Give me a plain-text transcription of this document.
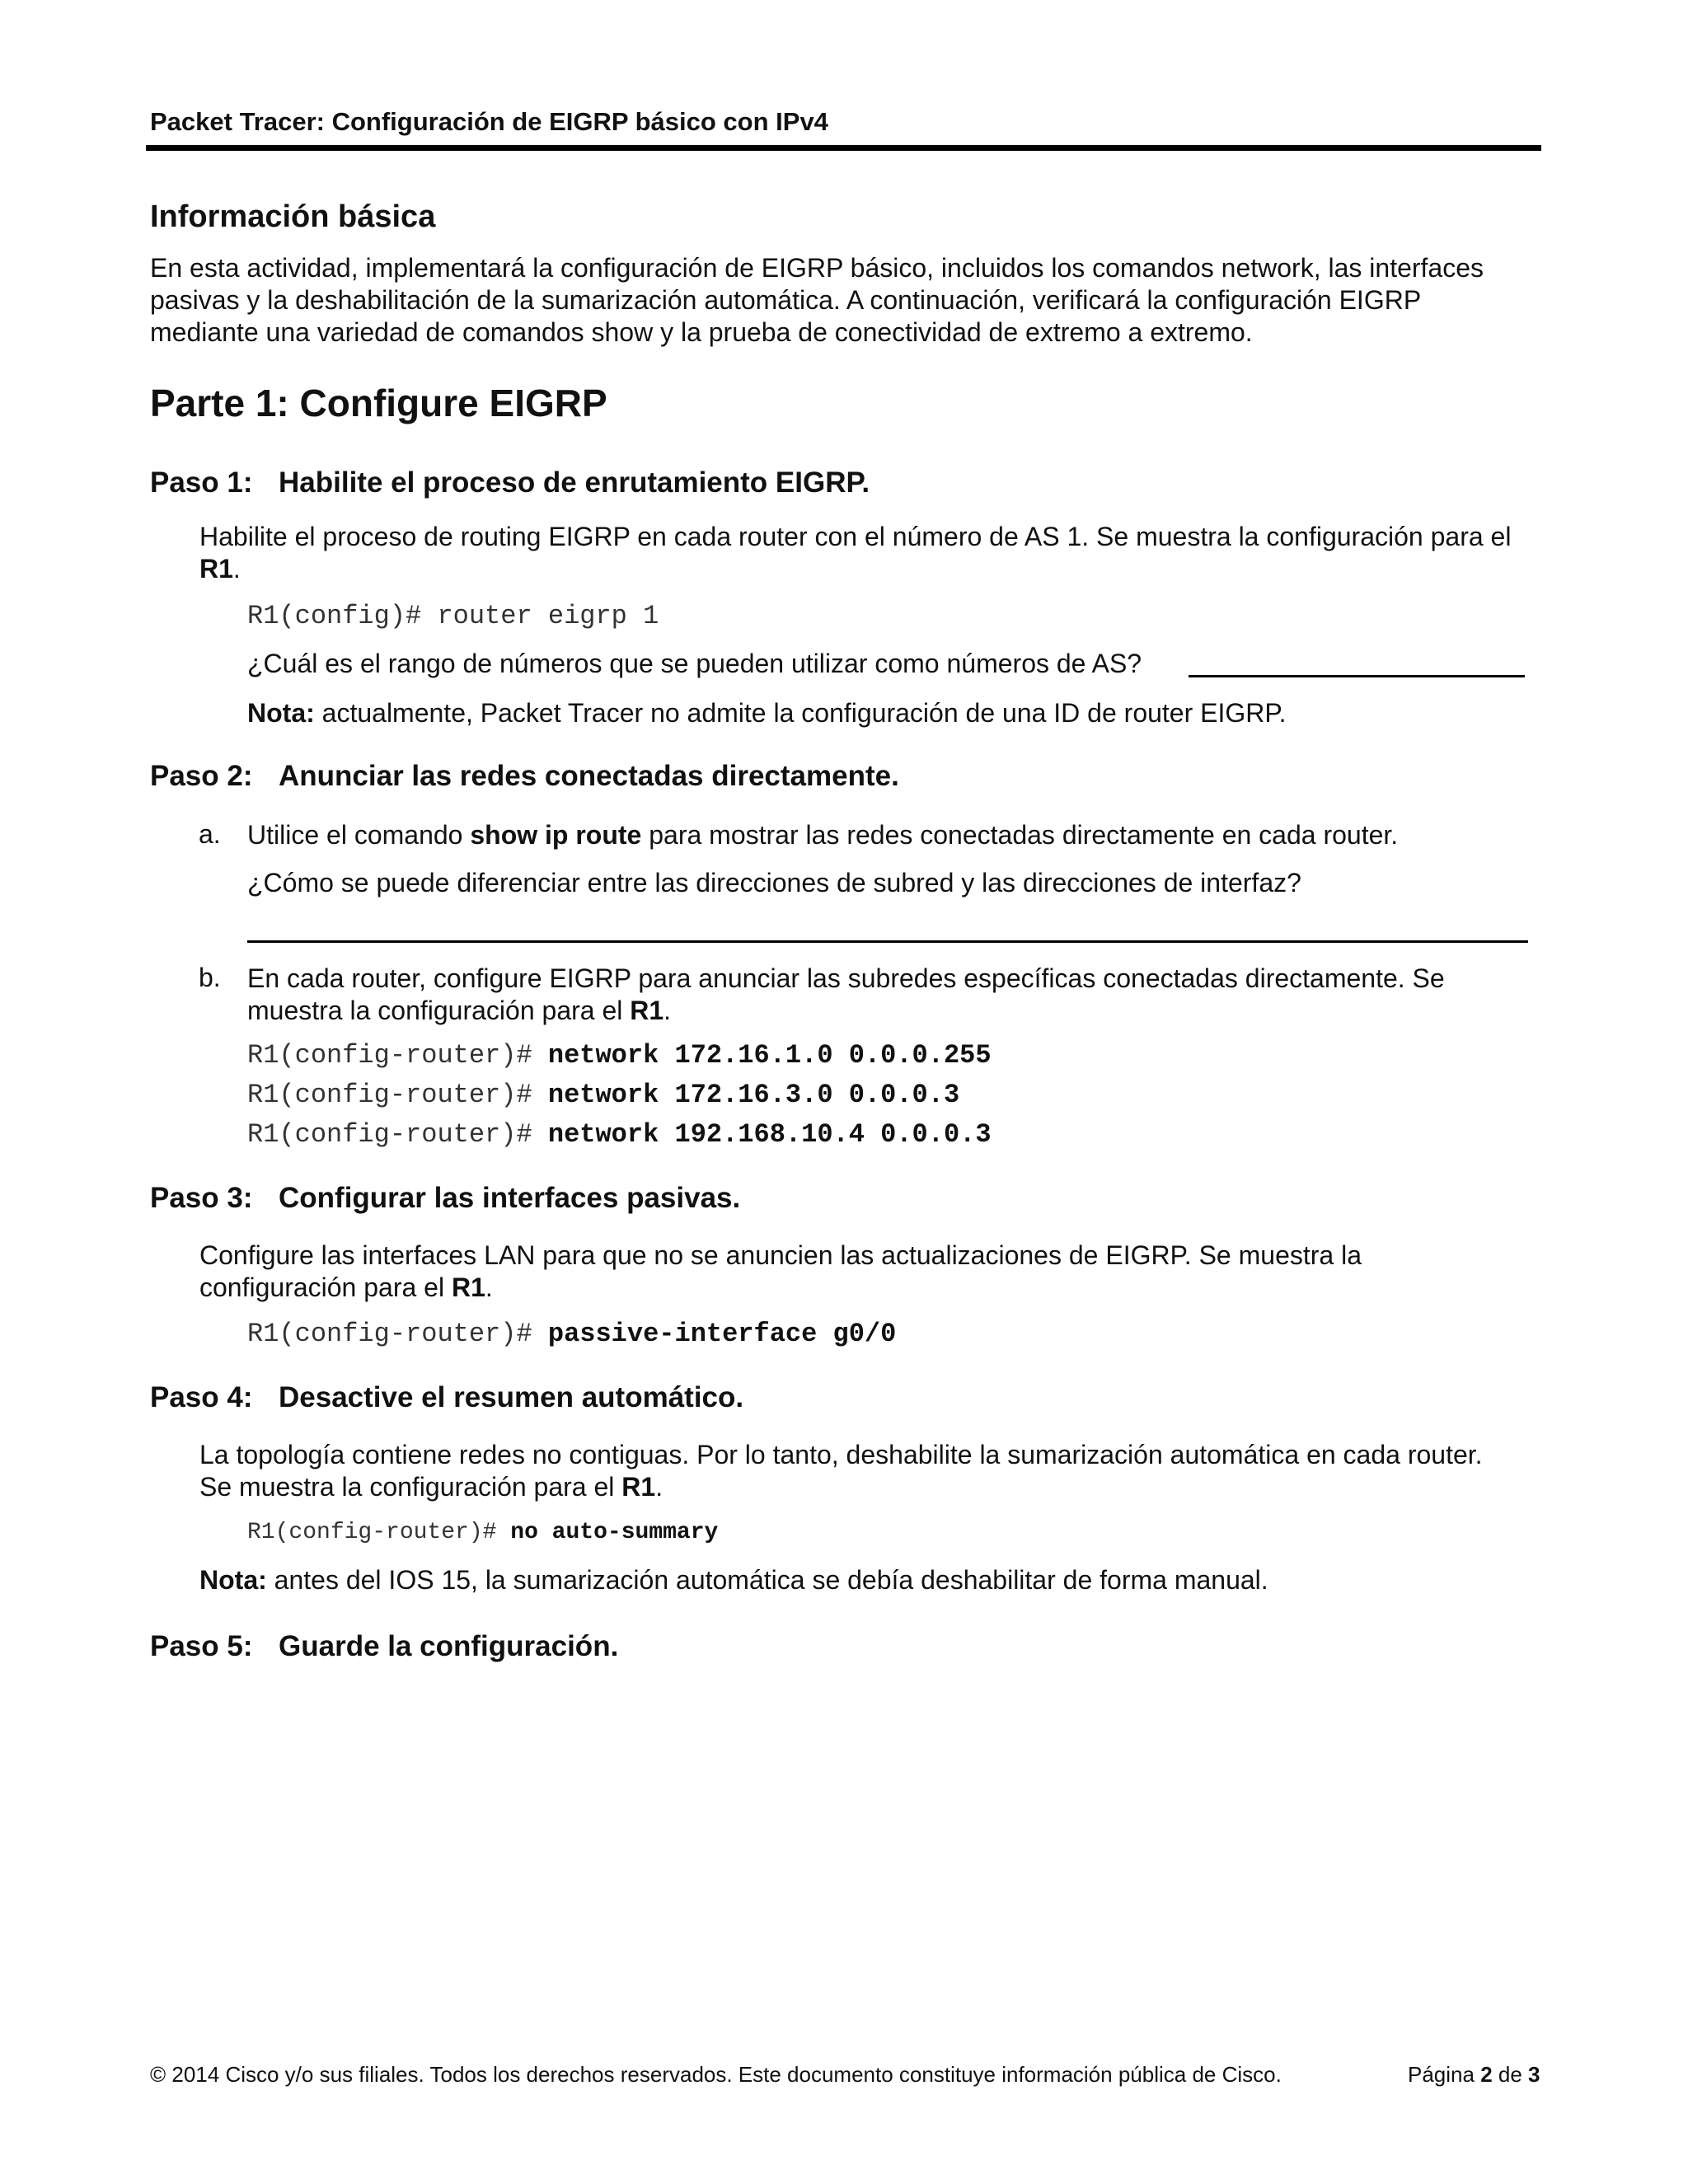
Packet Tracer: Configuración de EIGRP básico con IPv4
Información básica
En esta actividad, implementará la configuración de EIGRP básico, incluidos los comandos network, las interfaces pasivas y la deshabilitación de la sumarización automática. A continuación, verificará la configuración EIGRP mediante una variedad de comandos show y la prueba de conectividad de extremo a extremo.
Parte 1: Configure EIGRP
Paso 1: Habilite el proceso de enrutamiento EIGRP.
Habilite el proceso de routing EIGRP en cada router con el número de AS 1. Se muestra la configuración para el R1.
R1(config)# router eigrp 1
¿Cuál es el rango de números que se pueden utilizar como números de AS?
Nota: actualmente, Packet Tracer no admite la configuración de una ID de router EIGRP.
Paso 2: Anunciar las redes conectadas directamente.
a. Utilice el comando show ip route para mostrar las redes conectadas directamente en cada router.
¿Cómo se puede diferenciar entre las direcciones de subred y las direcciones de interfaz?
b. En cada router, configure EIGRP para anunciar las subredes específicas conectadas directamente. Se muestra la configuración para el R1.
R1(config-router)# network 172.16.1.0 0.0.0.255
R1(config-router)# network 172.16.3.0 0.0.0.3
R1(config-router)# network 192.168.10.4 0.0.0.3
Paso 3: Configurar las interfaces pasivas.
Configure las interfaces LAN para que no se anuncien las actualizaciones de EIGRP. Se muestra la configuración para el R1.
R1(config-router)# passive-interface g0/0
Paso 4: Desactive el resumen automático.
La topología contiene redes no contiguas. Por lo tanto, deshabilite la sumarización automática en cada router. Se muestra la configuración para el R1.
R1(config-router)# no auto-summary
Nota: antes del IOS 15, la sumarización automática se debía deshabilitar de forma manual.
Paso 5: Guarde la configuración.
© 2014 Cisco y/o sus filiales. Todos los derechos reservados. Este documento constituye información pública de Cisco.	Página 2 de 3
